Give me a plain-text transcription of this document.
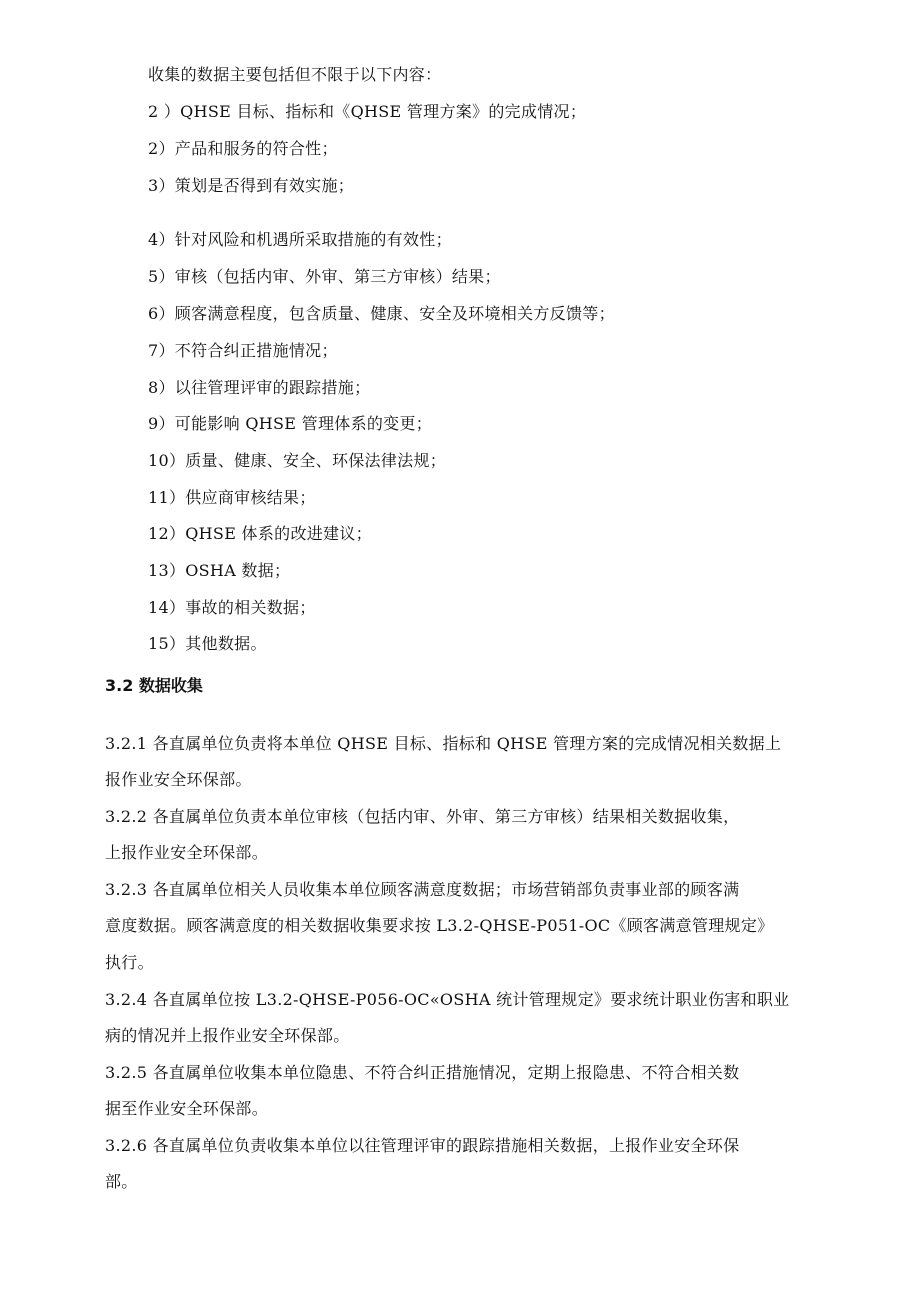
收集的数据主要包括但不限于以下内容：
2 ）QHSE 目标、指标和《QHSE 管理方案》的完成情况；
2）产品和服务的符合性；
3）策划是否得到有效实施；
4）针对风险和机遇所采取措施的有效性；
5）审核（包括内审、外审、第三方审核）结果；
6）顾客满意程度，包含质量、健康、安全及环境相关方反馈等；
7）不符合纠正措施情况；
8）以往管理评审的跟踪措施；
9）可能影响 QHSE 管理体系的变更；
10）质量、健康、安全、环保法律法规；
11）供应商审核结果；
12）QHSE 体系的改进建议；
13）OSHA 数据；
14）事故的相关数据；
15）其他数据。
3.2 数据收集
3.2.1 各直属单位负责将本单位 QHSE 目标、指标和 QHSE 管理方案的完成情况相关数据上
报作业安全环保部。
3.2.2 各直属单位负责本单位审核（包括内审、外审、第三方审核）结果相关数据收集，
上报作业安全环保部。
3.2.3 各直属单位相关人员收集本单位顾客满意度数据；市场营销部负责事业部的顾客满
意度数据。顾客满意度的相关数据收集要求按 L3.2-QHSE-P051-OC《顾客满意管理规定》
执行。
3.2.4 各直属单位按 L3.2-QHSE-P056-OC«OSHA 统计管理规定》要求统计职业伤害和职业
病的情况并上报作业安全环保部。
3.2.5 各直属单位收集本单位隐患、不符合纠正措施情况，定期上报隐患、不符合相关数
据至作业安全环保部。
3.2.6 各直属单位负责收集本单位以往管理评审的跟踪措施相关数据，上报作业安全环保
部。
